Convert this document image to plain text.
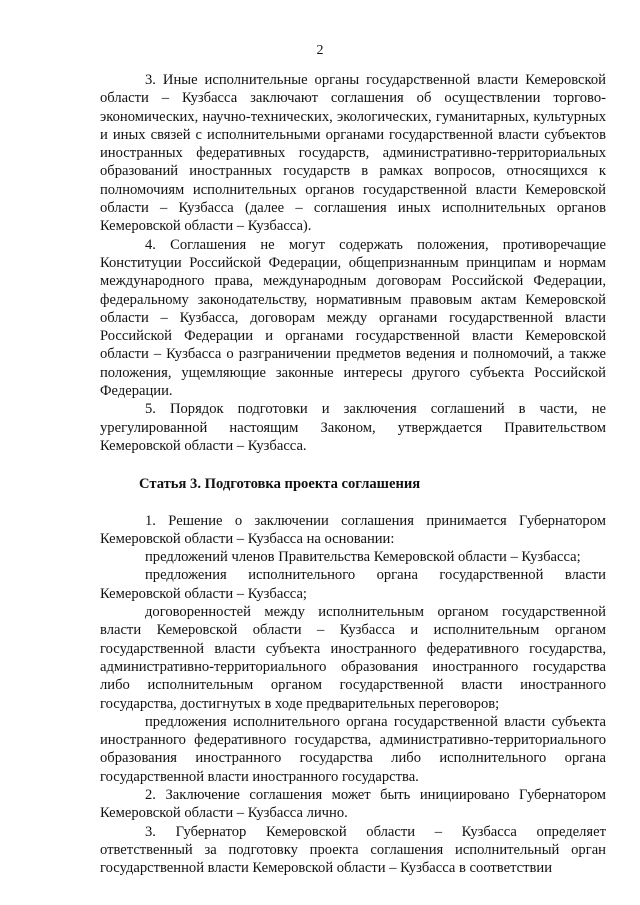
2

3. Иные исполнительные органы государственной власти Кемеровской области – Кузбасса заключают соглашения об осуществлении торгово-экономических, научно-технических, экологических, гуманитарных, культурных и иных связей с исполнительными органами государственной власти субъектов иностранных федеративных государств, административно-территориальных образований иностранных государств в рамках вопросов, относящихся к полномочиям исполнительных органов государственной власти Кемеровской области – Кузбасса (далее – соглашения иных исполнительных органов Кемеровской области – Кузбасса).

4. Соглашения не могут содержать положения, противоречащие Конституции Российской Федерации, общепризнанным принципам и нормам международного права, международным договорам Российской Федерации, федеральному законодательству, нормативным правовым актам Кемеровской области – Кузбасса, договорам между органами государственной власти Российской Федерации и органами государственной власти Кемеровской области – Кузбасса о разграничении предметов ведения и полномочий, а также положения, ущемляющие законные интересы другого субъекта Российской Федерации.

5. Порядок подготовки и заключения соглашений в части, не урегулированной настоящим Законом, утверждается Правительством Кемеровской области – Кузбасса.

Статья 3. Подготовка проекта соглашения

1. Решение о заключении соглашения принимается Губернатором Кемеровской области – Кузбасса на основании:

предложений членов Правительства Кемеровской области – Кузбасса;

предложения исполнительного органа государственной власти Кемеровской области – Кузбасса;

договоренностей между исполнительным органом государственной власти Кемеровской области – Кузбасса и исполнительным органом государственной власти субъекта иностранного федеративного государства, административно-территориального образования иностранного государства либо исполнительным органом государственной власти иностранного государства, достигнутых в ходе предварительных переговоров;

предложения исполнительного органа государственной власти субъекта иностранного федеративного государства, административно-территориального образования иностранного государства либо исполнительного органа государственной власти иностранного государства.

2. Заключение соглашения может быть инициировано Губернатором Кемеровской области – Кузбасса лично.

3. Губернатор Кемеровской области – Кузбасса определяет ответственный за подготовку проекта соглашения исполнительный орган государственной власти Кемеровской области – Кузбасса в соответствии
